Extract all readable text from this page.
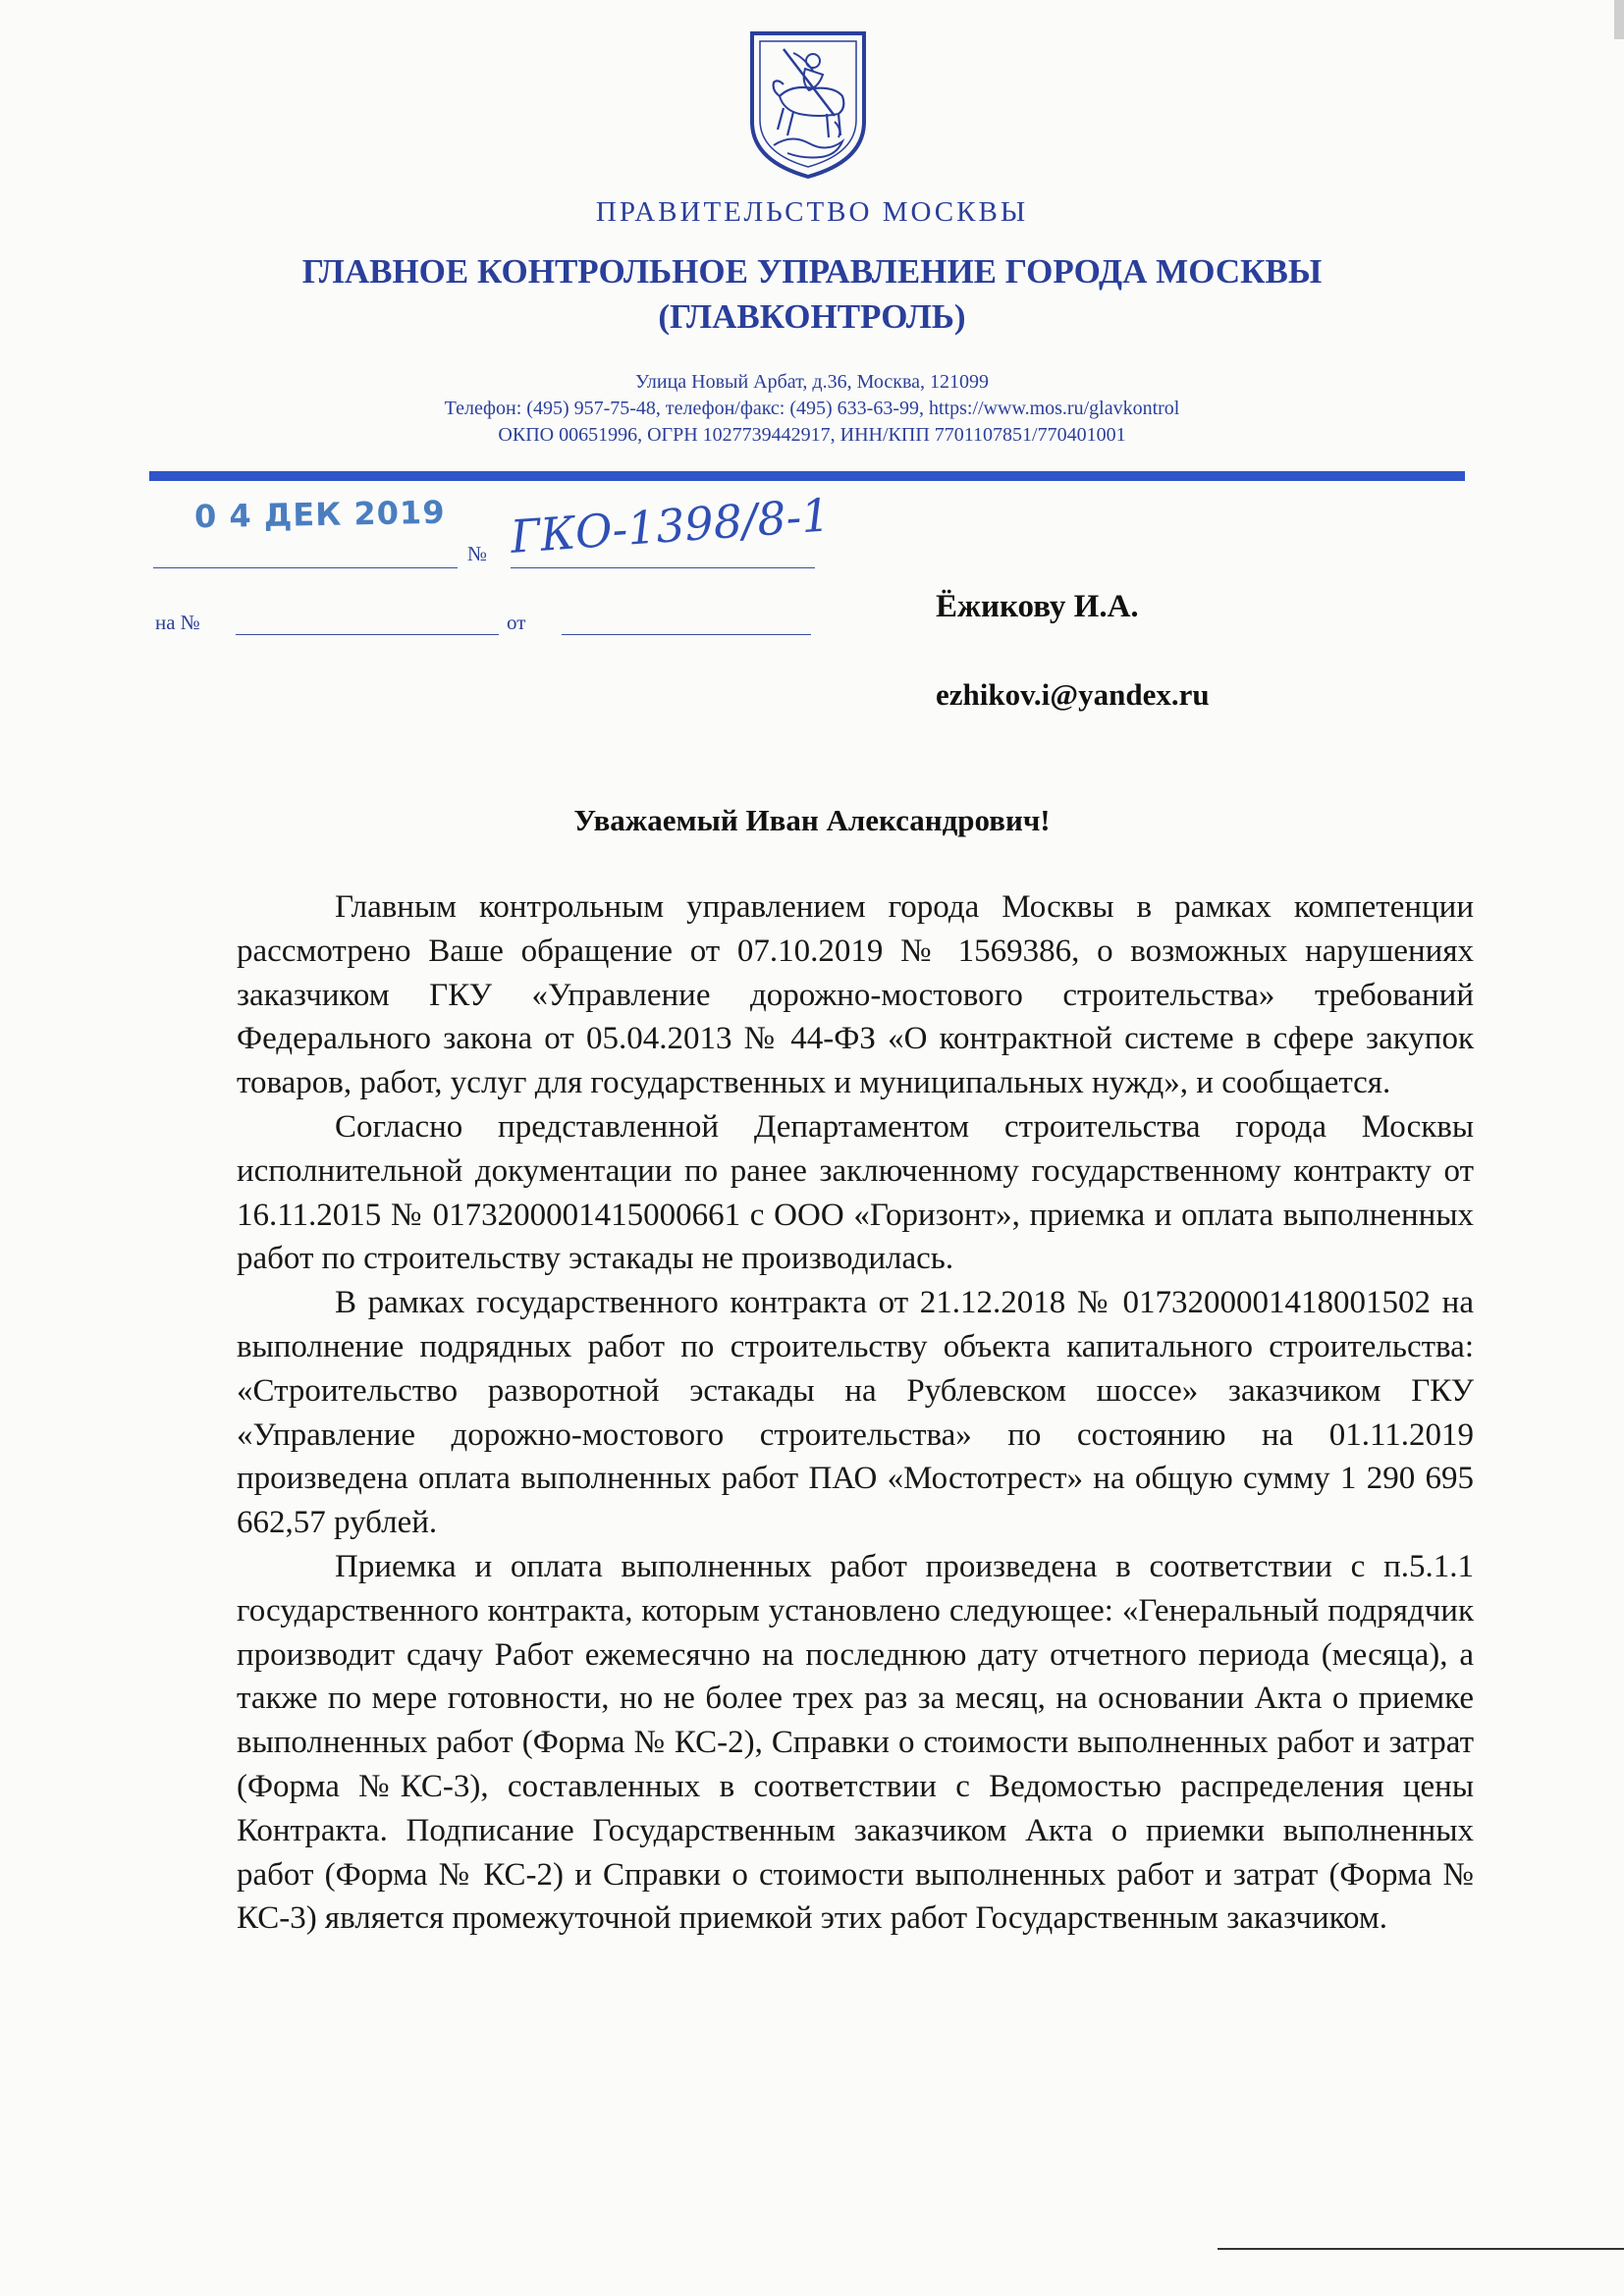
ПРАВИТЕЛЬСТВО МОСКВЫ
ГЛАВНОЕ КОНТРОЛЬНОЕ УПРАВЛЕНИЕ ГОРОДА МОСКВЫ
(ГЛАВКОНТРОЛЬ)
Улица Новый Арбат, д.36, Москва, 121099
Телефон: (495) 957-75-48, телефон/факс: (495) 633-63-99, https://www.mos.ru/glavkontrol
ОКПО 00651996, ОГРН 1027739442917, ИНН/КПП 7701107851/770401001
0 4 ДЕК 2019
№ ГКО-1398/8-1
на №	от	Ёжикову И.А.
ezhikov.i@yandex.ru
Уважаемый Иван Александрович!

Главным контрольным управлением города Москвы в рамках компетенции рассмотрено Ваше обращение от 07.10.2019 № 1569386, о возможных нарушениях заказчиком ГКУ «Управление дорожно-мостового строительства» требований Федерального закона от 05.04.2013 № 44-ФЗ «О контрактной системе в сфере закупок товаров, работ, услуг для государственных и муниципальных нужд», и сообщается.

Согласно представленной Департаментом строительства города Москвы исполнительной документации по ранее заключенному государственному контракту от 16.11.2015 № 0173200001415000661 с ООО «Горизонт», приемка и оплата выполненных работ по строительству эстакады не производилась.

В рамках государственного контракта от 21.12.2018 № 0173200001418001502 на выполнение подрядных работ по строительству объекта капитального строительства: «Строительство разворотной эстакады на Рублевском шоссе» заказчиком ГКУ «Управление дорожно-мостового строительства» по состоянию на 01.11.2019 произведена оплата выполненных работ ПАО «Мостотрест» на общую сумму 1 290 695 662,57 рублей.

Приемка и оплата выполненных работ произведена в соответствии с п.5.1.1 государственного контракта, которым установлено следующее: «Генеральный подрядчик производит сдачу Работ ежемесячно на последнюю дату отчетного периода (месяца), а также по мере готовности, но не более трех раз за месяц, на основании Акта о приемке выполненных работ (Форма № КС-2), Справки о стоимости выполненных работ и затрат (Форма №КС-3), составленных в соответствии с Ведомостью распределения цены Контракта. Подписание Государственным заказчиком Акта о приемки выполненных работ (Форма № КС-2) и Справки о стоимости выполненных работ и затрат (Форма № КС-3) является промежуточной приемкой этих работ Государственным заказчиком.
